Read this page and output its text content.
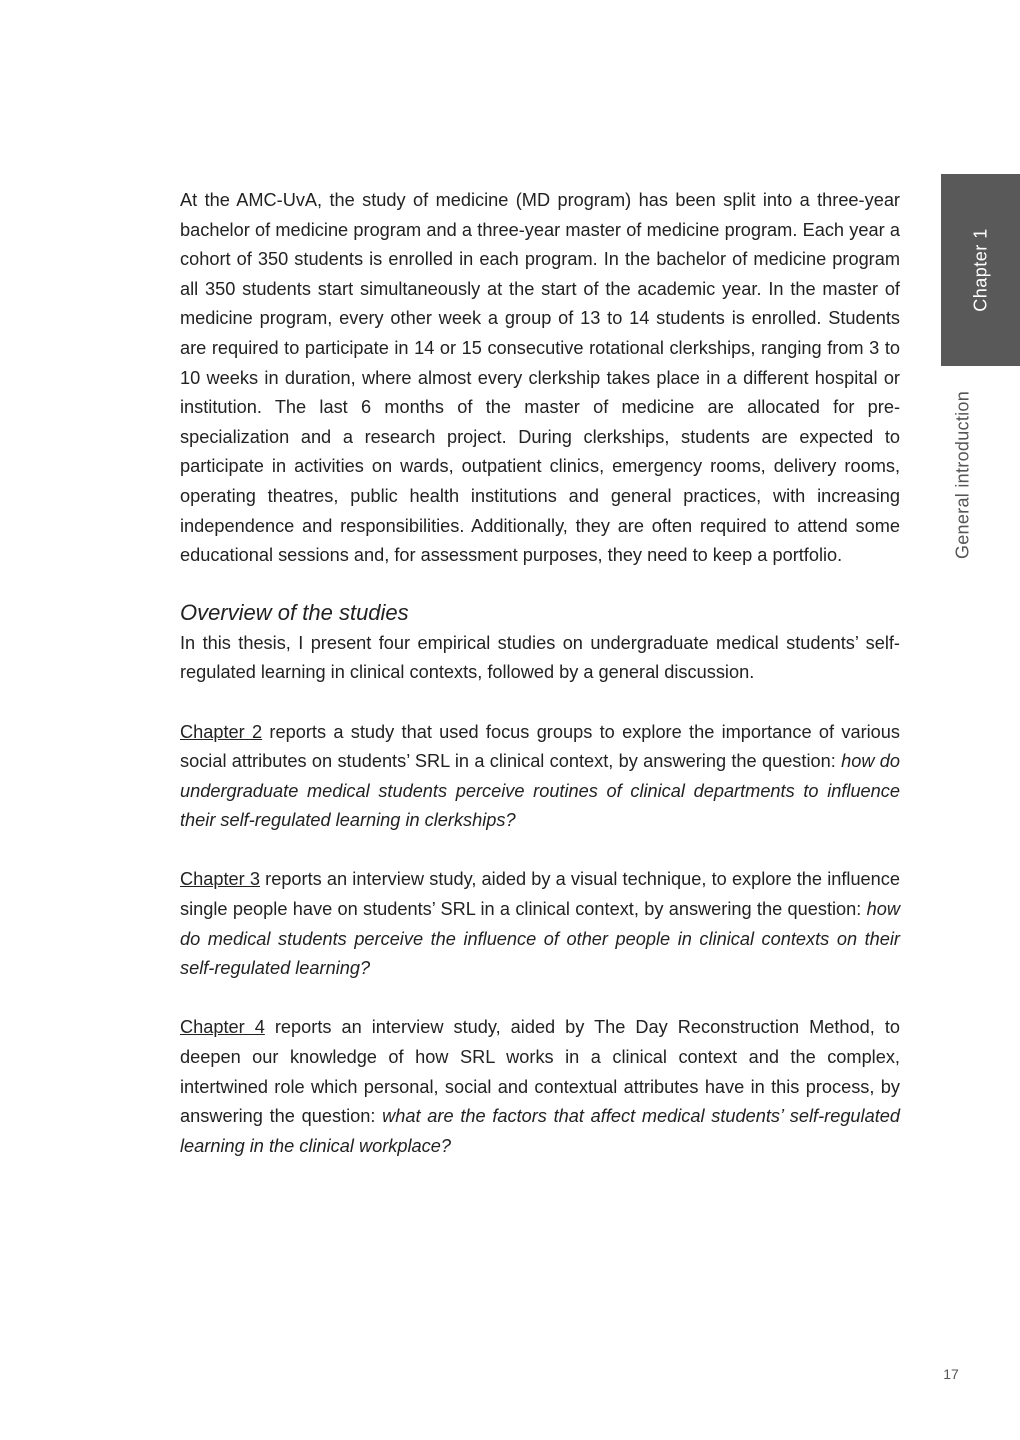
Chapter 1
General introduction

At the AMC-UvA, the study of medicine (MD program) has been split into a three-year bachelor of medicine program and a three-year master of medicine program. Each year a cohort of 350 students is enrolled in each program. In the bachelor of medicine program all 350 students start simultaneously at the start of the academic year. In the master of medicine program, every other week a group of 13 to 14 students is enrolled. Students are required to participate in 14 or 15 consecutive rotational clerkships, ranging from 3 to 10 weeks in duration, where almost every clerkship takes place in a different hospital or institution. The last 6 months of the master of medicine are allocated for pre-specialization and a research project. During clerkships, students are expected to participate in activities on wards, outpatient clinics, emergency rooms, delivery rooms, operating theatres, public health institutions and general practices, with increasing independence and responsibilities. Additionally, they are often required to attend some educational sessions and, for assessment purposes, they need to keep a portfolio.

Overview of the studies

In this thesis, I present four empirical studies on undergraduate medical students’ self-regulated learning in clinical contexts, followed by a general discussion.

Chapter 2 reports a study that used focus groups to explore the importance of various social attributes on students’ SRL in a clinical context, by answering the question: how do undergraduate medical students perceive routines of clinical departments to influence their self-regulated learning in clerkships?

Chapter 3 reports an interview study, aided by a visual technique, to explore the influence single people have on students’ SRL in a clinical context, by answering the question: how do medical students perceive the influence of other people in clinical contexts on their self-regulated learning?

Chapter 4 reports an interview study, aided by The Day Reconstruction Method, to deepen our knowledge of how SRL works in a clinical context and the complex, intertwined role which personal, social and contextual attributes have in this process, by answering the question: what are the factors that affect medical students’ self-regulated learning in the clinical workplace?

17
